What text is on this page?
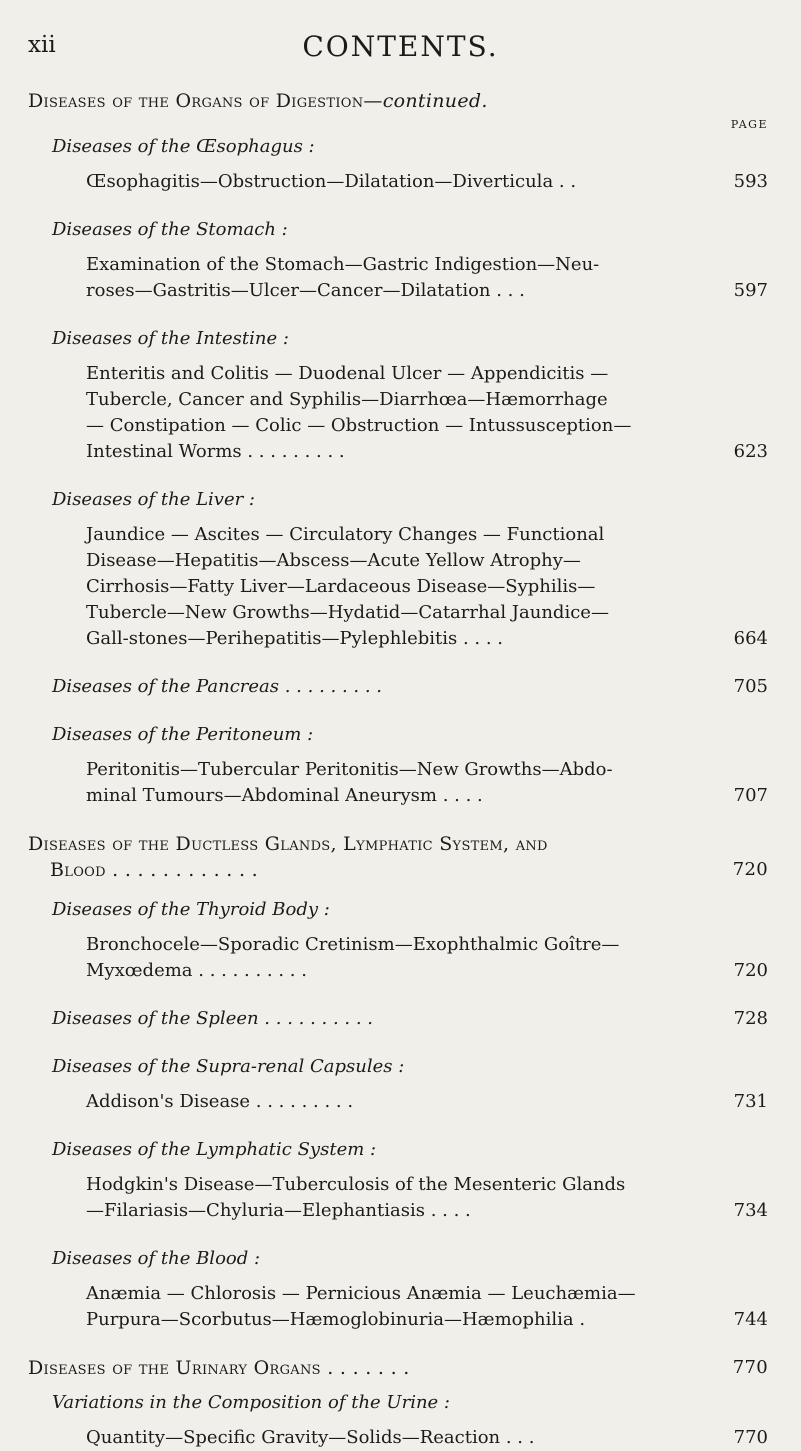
xii	CONTENTS.
Diseases of the Organs of Digestion—continued.
PAGE
Diseases of the Œsophagus :
Œsophagitis—Obstruction—Dilatation—Diverticula . .	593
Diseases of the Stomach :
Examination of the Stomach—Gastric Indigestion—Neu-
roses—Gastritis—Ulcer—Cancer—Dilatation . . .	597
Diseases of the Intestine :
Enteritis and Colitis — Duodenal Ulcer — Appendicitis —
Tubercle, Cancer and Syphilis—Diarrhœa—Hæmorrhage
— Constipation — Colic — Obstruction — Intussusception—
Intestinal Worms . . . . . . . . .	623
Diseases of the Liver :
Jaundice — Ascites — Circulatory Changes — Functional
Disease—Hepatitis—Abscess—Acute Yellow Atrophy—
Cirrhosis—Fatty Liver—Lardaceous Disease—Syphilis—
Tubercle—New Growths—Hydatid—Catarrhal Jaundice—
Gall-stones—Perihepatitis—Pylephlebitis . . . .	664
Diseases of the Pancreas . . . . . . . . .	705
Diseases of the Peritoneum :
Peritonitis—Tubercular Peritonitis—New Growths—Abdo-
minal Tumours—Abdominal Aneurysm . . . .	707
Diseases of the Ductless Glands, Lymphatic System, and
Blood . . . . . . . . . . . .	720
Diseases of the Thyroid Body :
Bronchocele—Sporadic Cretinism—Exophthalmic Goître—
Myxœdema . . . . . . . . . .	720
Diseases of the Spleen . . . . . . . . . .	728
Diseases of the Supra-renal Capsules :
Addison's Disease . . . . . . . . .	731
Diseases of the Lymphatic System :
Hodgkin's Disease—Tuberculosis of the Mesenteric Glands
—Filariasis—Chyluria—Elephantiasis . . . .	734
Diseases of the Blood :
Anæmia — Chlorosis — Pernicious Anæmia — Leuchæmia—
Purpura—Scorbutus—Hæmoglobinuria—Hæmophilia .	744
Diseases of the Urinary Organs . . . . . . .	770
Variations in the Composition of the Urine :
Quantity—Specific Gravity—Solids—Reaction . . .	770
